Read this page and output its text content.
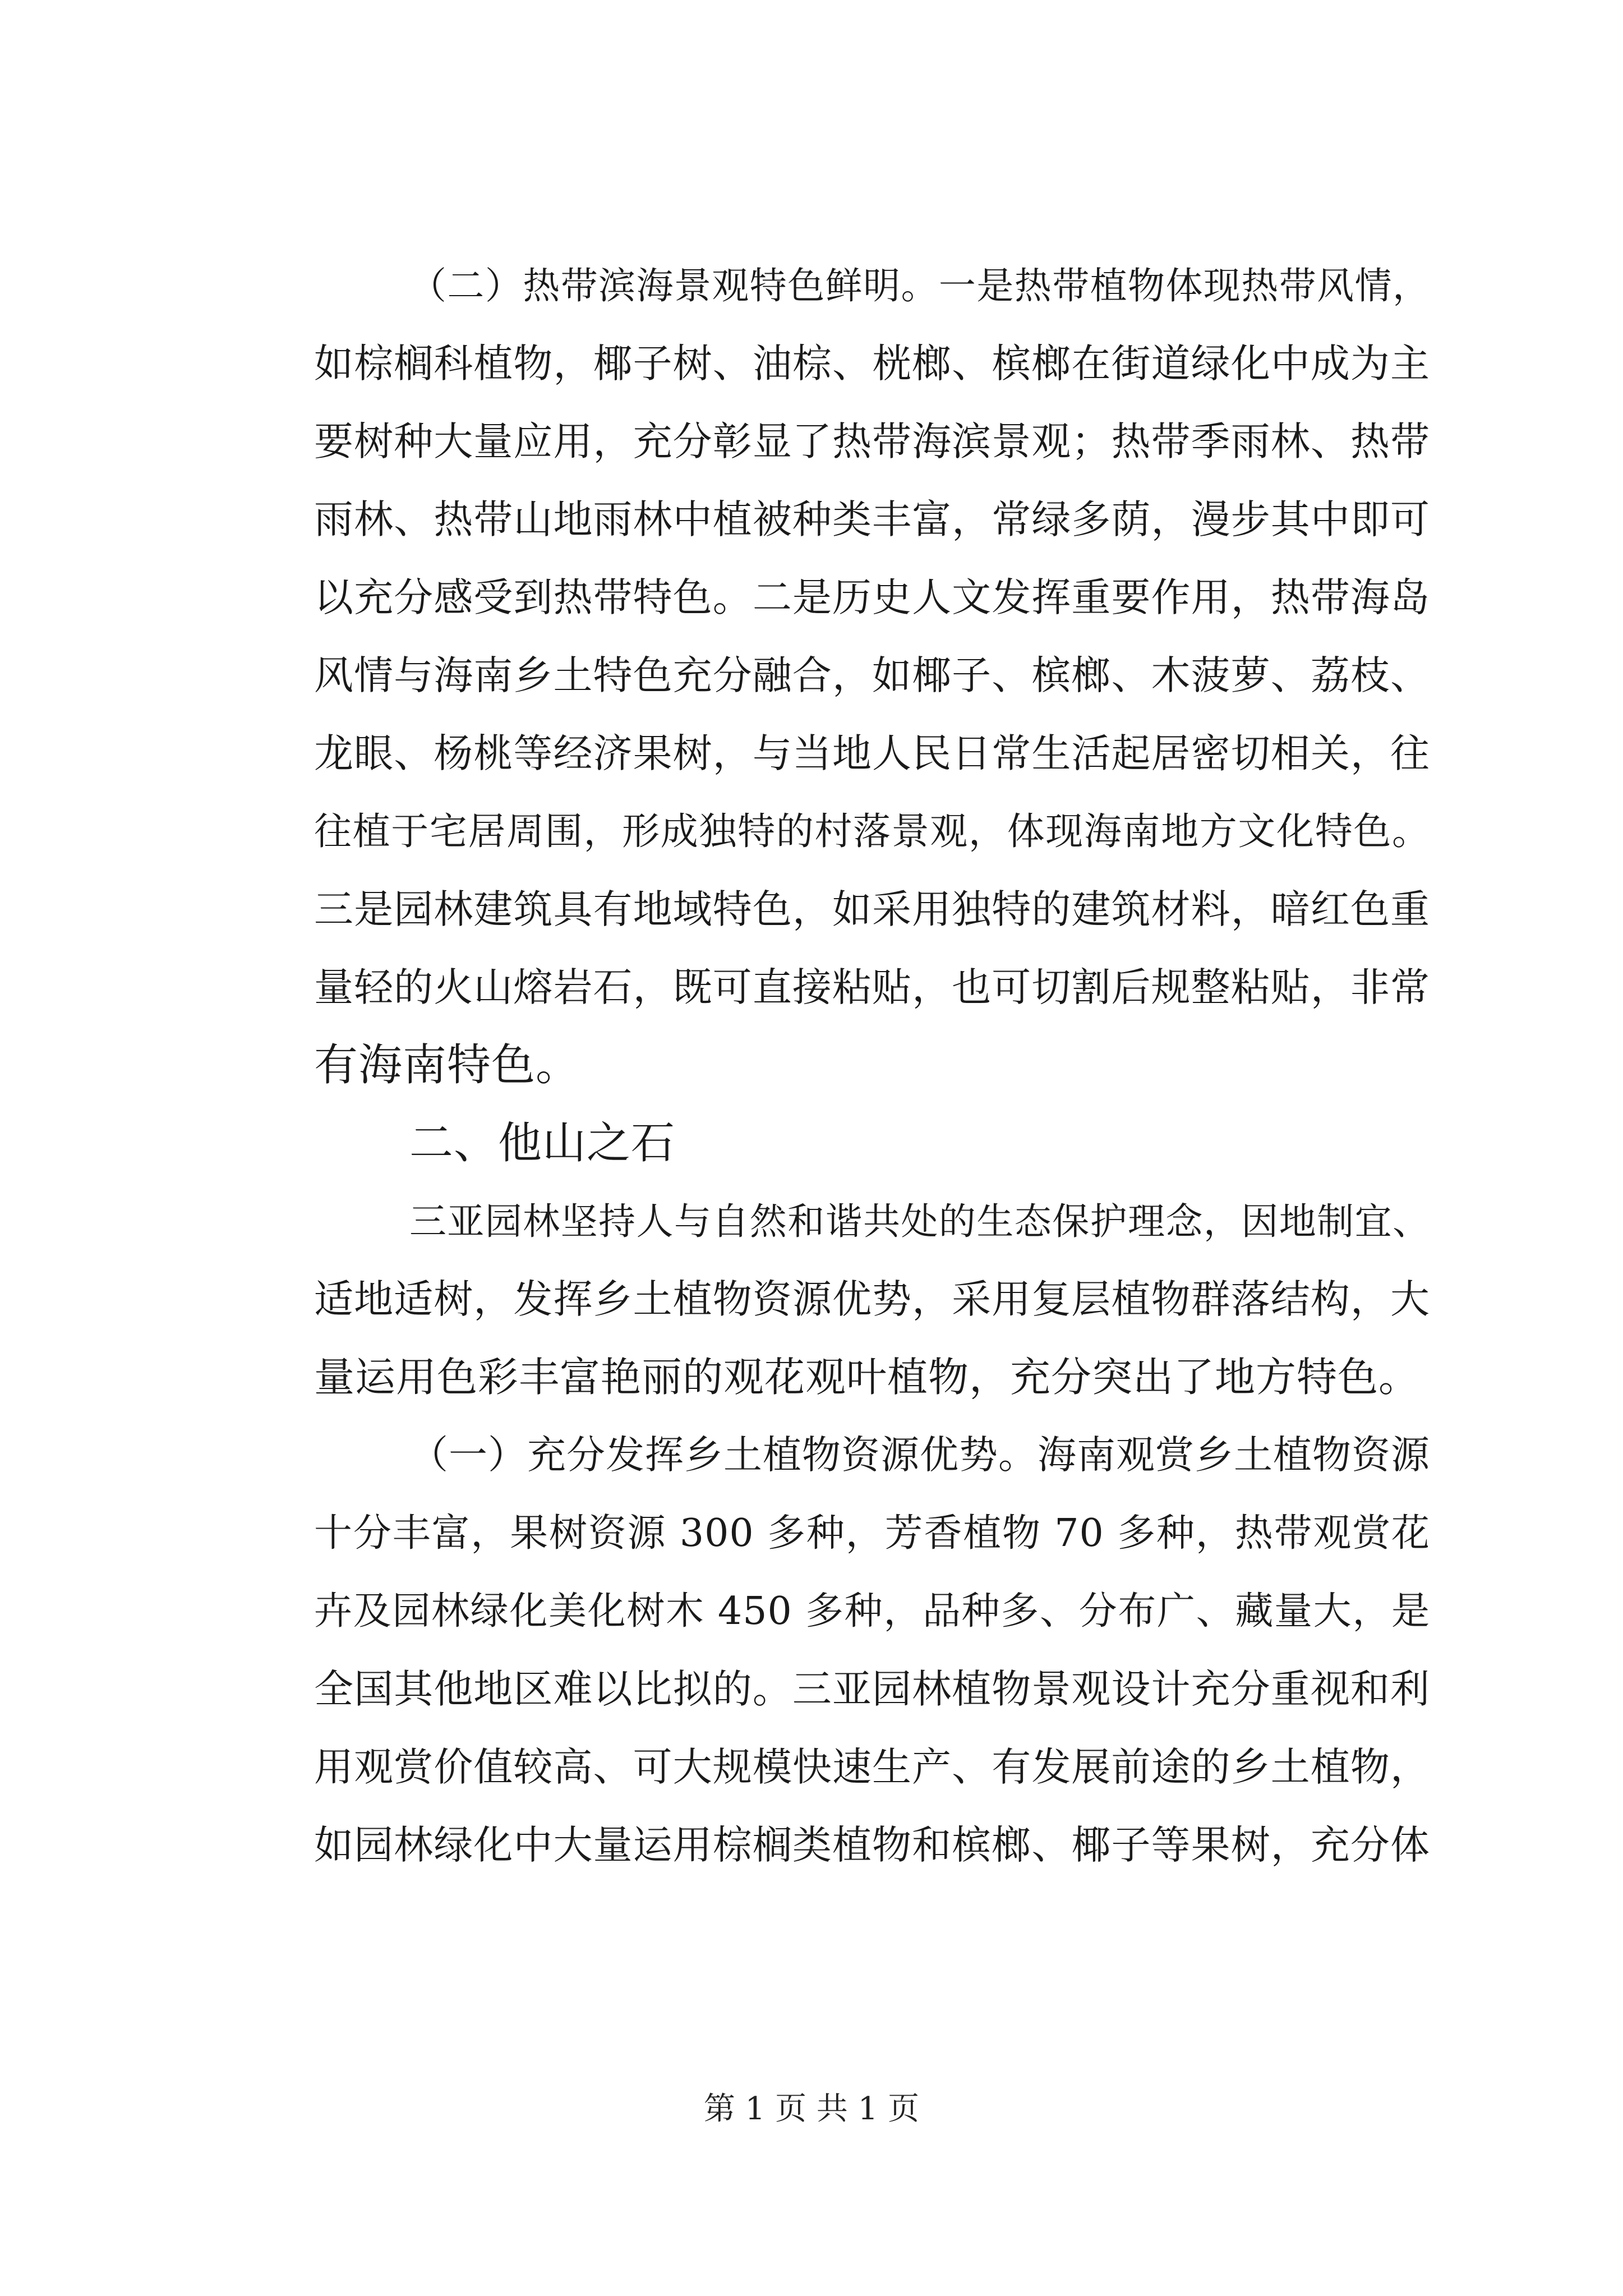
（二）热带滨海景观特色鲜明。一是热带植物体现热带风情，
如棕榈科植物，椰子树、油棕、桄榔、槟榔在街道绿化中成为主
要树种大量应用，充分彰显了热带海滨景观；热带季雨林、热带
雨林、热带山地雨林中植被种类丰富，常绿多荫，漫步其中即可
以充分感受到热带特色。二是历史人文发挥重要作用，热带海岛
风情与海南乡土特色充分融合，如椰子、槟榔、木菠萝、荔枝、
龙眼、杨桃等经济果树，与当地人民日常生活起居密切相关，往
往植于宅居周围，形成独特的村落景观，体现海南地方文化特色。
三是园林建筑具有地域特色，如采用独特的建筑材料，暗红色重
量轻的火山熔岩石，既可直接粘贴，也可切割后规整粘贴，非常
有海南特色。
二、他山之石
三亚园林坚持人与自然和谐共处的生态保护理念，因地制宜、
适地适树，发挥乡土植物资源优势，采用复层植物群落结构，大
量运用色彩丰富艳丽的观花观叶植物，充分突出了地方特色。
（一）充分发挥乡土植物资源优势。海南观赏乡土植物资源
十分丰富，果树资源 300 多种，芳香植物 70 多种，热带观赏花
卉及园林绿化美化树木 450 多种，品种多、分布广、藏量大，是
全国其他地区难以比拟的。三亚园林植物景观设计充分重视和利
用观赏价值较高、可大规模快速生产、有发展前途的乡土植物，
如园林绿化中大量运用棕榈类植物和槟榔、椰子等果树，充分体
第 1 页 共 1 页
